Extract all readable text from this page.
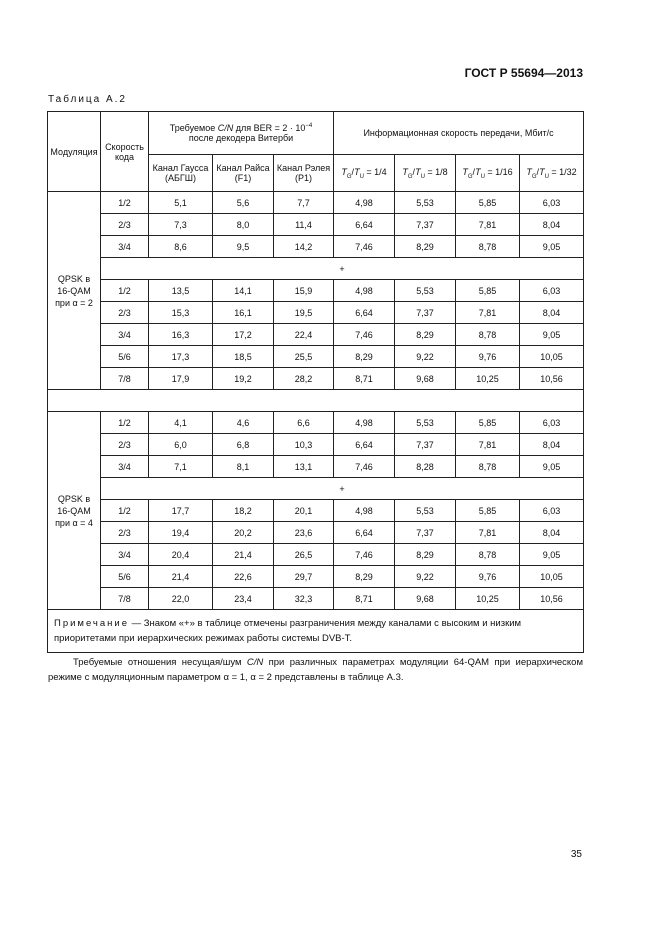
ГОСТ Р 55694—2013
Таблица А.2
Модуляция	Скорость кода	Требуемое C/N для BER = $2 \cdot 10^{-4}$
после декодера Витерби			Информационная скорость передачи, Мбит/с			
		Канал Гаусса (АБГШ)	Канал Райса (F1)	Канал Рэлея (P1)	$T_G/T_U = 1/4$	$T_G/T_U = 1/8$	$T_G/T_U = 1/16$	$T_G/T_U = 1/32$
QPSK в
16-QAM
при α = 2	1/2	5,1	5,6	7,7	4,98	5,53	5,85	6,03
	2/3	7,3	8,0	11,4	6,64	7,37	7,81	8,04
	3/4	8,6	9,5	14,2	7,46	8,29	8,78	9,05
	+							
	1/2	13,5	14,1	15,9	4,98	5,53	5,85	6,03
	2/3	15,3	16,1	19,5	6,64	7,37	7,81	8,04
	3/4	16,3	17,2	22,4	7,46	8,29	8,78	9,05
	5/6	17,3	18,5	25,5	8,29	9,22	9,76	10,05
	7/8	17,9	19,2	28,2	8,71	9,68	10,25	10,56

QPSK в
16-QAM
при α = 4	1/2	4,1	4,6	6,6	4,98	5,53	5,85	6,03
	2/3	6,0	6,8	10,3	6,64	7,37	7,81	8,04
	3/4	7,1	8,1	13,1	7,46	8,28	8,78	9,05
	+							
	1/2	17,7	18,2	20,1	4,98	5,53	5,85	6,03
	2/3	19,4	20,2	23,6	6,64	7,37	7,81	8,04
	3/4	20,4	21,4	26,5	7,46	8,29	8,78	9,05
	5/6	21,4	22,6	29,7	8,29	9,22	9,76	10,05
	7/8	22,0	23,4	32,3	8,71	9,68	10,25	10,56
Примечание — Знаком «+» в таблице отмечены разграничения между каналами с высоким и низким приоритетами при иерархических режимах работы системы DVB-T.								

Требуемые отношения несущая/шум C/N при различных параметрах модуляции 64-QAM при иерархическом режиме с модуляционным параметром α = 1, α = 2 представлены в таблице А.3.

35
